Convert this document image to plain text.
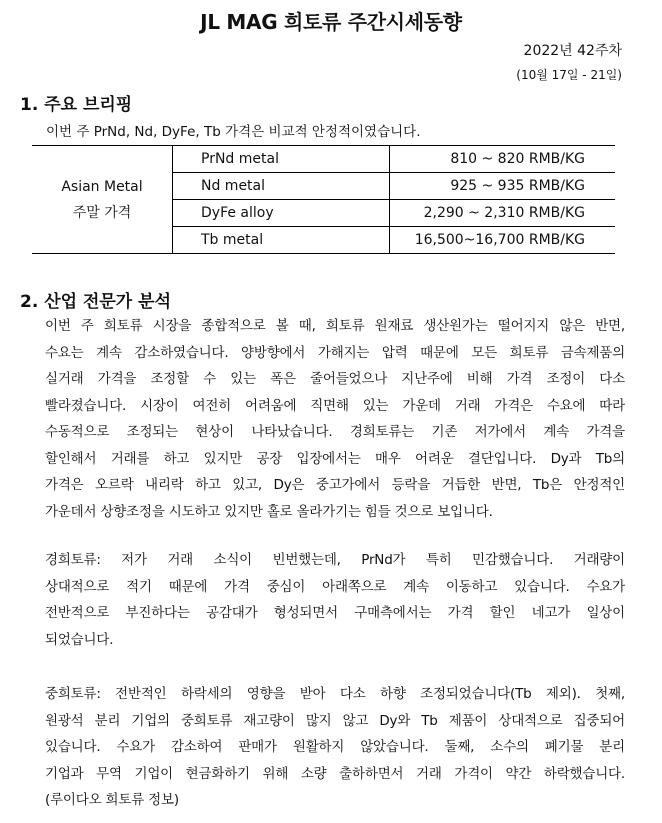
JL MAG 희토류 주간시세동향
2022년 42주차
(10월 17일 - 21일)
1. 주요 브리핑
이번 주 PrNd, Nd, DyFe, Tb 가격은 비교적 안정적이였습니다.
Asian Metal
주말 가격	PrNd metal	810 ~ 820 RMB/KG
	Nd metal	925 ~ 935 RMB/KG
	DyFe alloy	2,290 ~ 2,310 RMB/KG
	Tb metal	16,500~16,700 RMB/KG
2. 산업 전문가 분석

이번 주 희토류 시장을 종합적으로 볼 때, 희토류 원재료 생산원가는 떨어지지 않은 반면,

수요는 계속 감소하였습니다. 양방향에서 가해지는 압력 때문에 모든 희토류 금속제품의

실거래 가격을 조정할 수 있는 폭은 줄어들었으나 지난주에 비해 가격 조정이 다소

빨라졌습니다. 시장이 여전히 어려움에 직면해 있는 가운데 거래 가격은 수요에 따라

수동적으로 조정되는 현상이 나타났습니다. 경희토류는 기존 저가에서 계속 가격을

할인해서 거래를 하고 있지만 공장 입장에서는 매우 어려운 결단입니다. Dy과 Tb의

가격은 오르락 내리락 하고 있고, Dy은 중고가에서 등락을 거듭한 반면, Tb은 안정적인

가운데서 상향조정을 시도하고 있지만 홀로 올라가기는 힘들 것으로 보입니다.

경희토류: 저가 거래 소식이 빈번했는데, PrNd가 특히 민감했습니다. 거래량이

상대적으로 적기 때문에 가격 중심이 아래쪽으로 계속 이동하고 있습니다. 수요가

전반적으로 부진하다는 공감대가 형성되면서 구매측에서는 가격 할인 네고가 일상이

되었습니다.

중희토류: 전반적인 하락세의 영향을 받아 다소 하향 조정되었습니다(Tb 제외). 첫째,

원광석 분리 기업의 중희토류 재고량이 많지 않고 Dy와 Tb 제품이 상대적으로 집중되어

있습니다. 수요가 감소하여 판매가 원활하지 않았습니다. 둘째, 소수의 폐기물 분리

기업과 무역 기업이 현금화하기 위해 소량 출하하면서 거래 가격이 약간 하락했습니다.

(루이다오 희토류 정보)
